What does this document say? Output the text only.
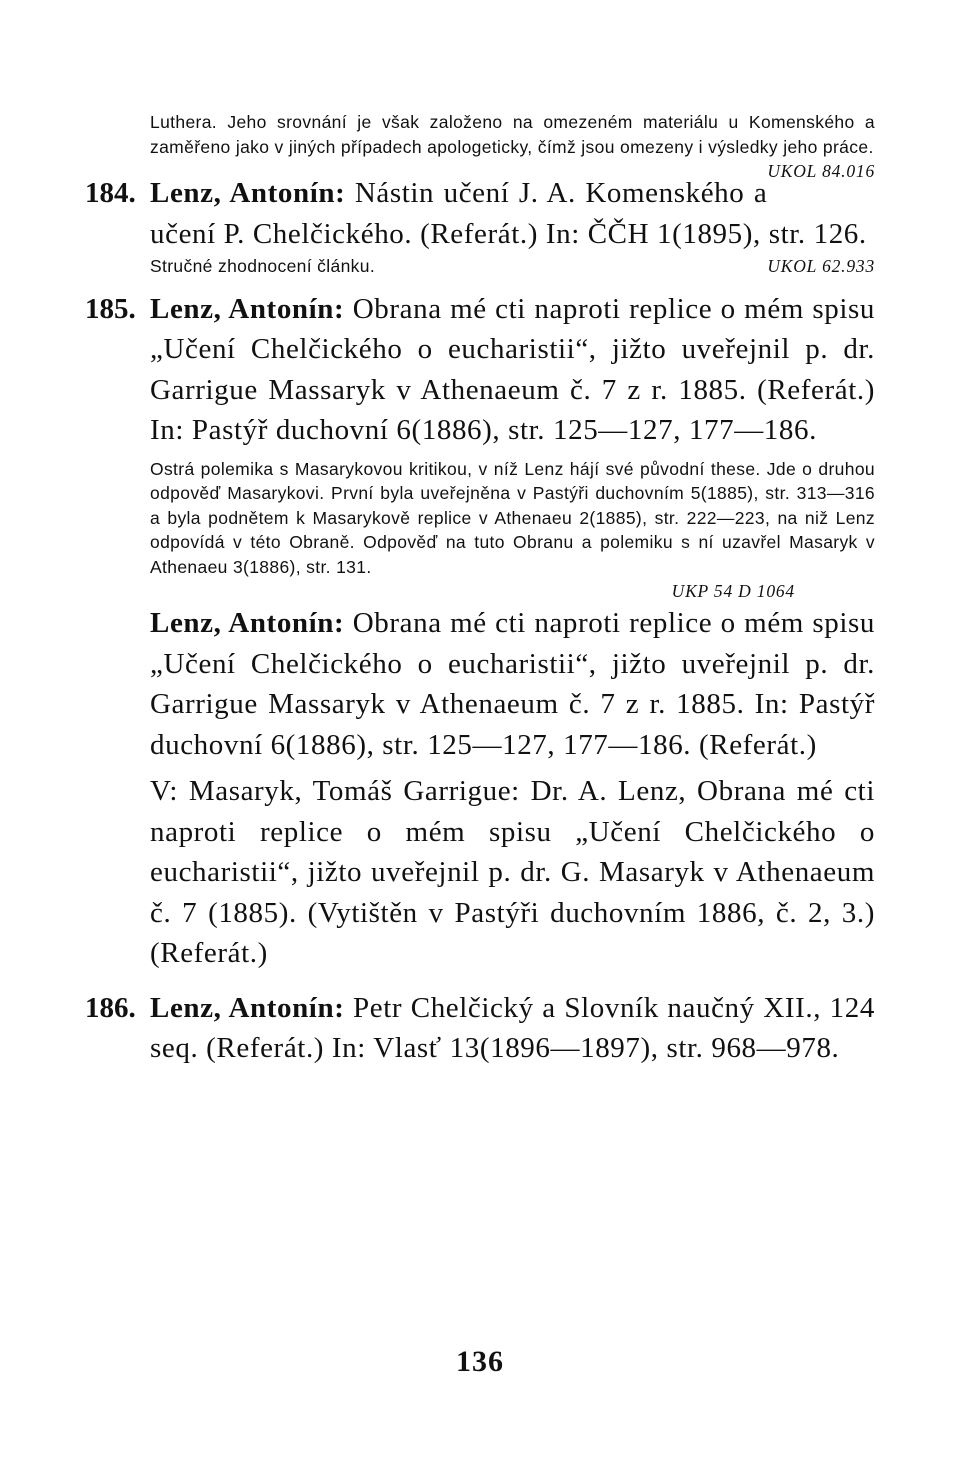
Luthera. Jeho srovnání je však založeno na omezeném materiálu u Komenského a zaměřeno jako v jiných případech apologeticky, čímž jsou omezeny i výsledky jeho práce.
UKOL 84.016

184. Lenz, Antonín: Nástin učení J. A. Komenského a učení P. Chelčického. (Referát.) In: ČČH 1(1895), str. 126.

Stručné zhodnocení článku.	UKOL 62.933

185. Lenz, Antonín: Obrana mé cti naproti replice o mém spisu „Učení Chelčického o eucharistii“, jižto uveřejnil p. dr. Garrigue Massaryk v Athenaeum č. 7 z r. 1885. (Referát.) In: Pastýř duchovní 6(1886), str. 125—127, 177—186.

Ostrá polemika s Masarykovou kritikou, v níž Lenz hájí své původní these. Jde o druhou odpověď Masarykovi. První byla uveřejněna v Pastýři duchovním 5(1885), str. 313—316 a byla podnětem k Masarykově replice v Athenaeu 2(1885), str. 222—223, na niž Lenz odpovídá v této Obraně. Odpověď na tuto Obranu a polemiku s ní uzavřel Masaryk v Athenaeu 3(1886), str. 131.

UKP 54 D 1064

Lenz, Antonín: Obrana mé cti naproti replice o mém spisu „Učení Chelčického o eucharistii“, jižto uveřejnil p. dr. Garrigue Massaryk v Athenaeum č. 7 z r. 1885. In: Pastýř duchovní 6(1886), str. 125—127, 177—186. (Referát.)

V: Masaryk, Tomáš Garrigue: Dr. A. Lenz, Obrana mé cti naproti replice o mém spisu „Učení Chelčického o eucharistii“, jižto uveřejnil p. dr. G. Masaryk v Athenaeum č. 7 (1885). (Vytištěn v Pastýři duchovním 1886, č. 2, 3.) (Referát.)

186. Lenz, Antonín: Petr Chelčický a Slovník naučný XII., 124 seq. (Referát.) In: Vlasť 13(1896—1897), str. 968—978.

136
